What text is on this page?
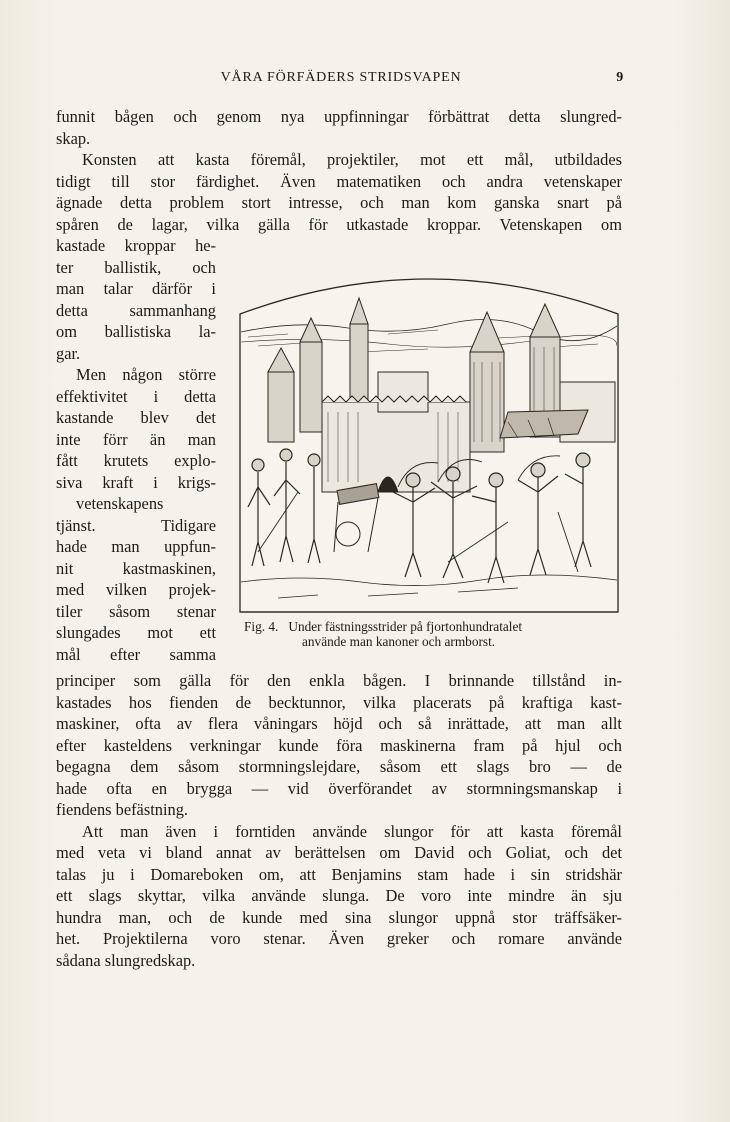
VÅRA FÖRFÄDERS STRIDSVAPEN	9
funnit bågen och genom nya uppfinningar förbättrat detta slungred-
skap.
Konsten att kasta föremål, projektiler, mot ett mål, utbildades
tidigt till stor färdighet. Även matematiken och andra vetenskaper
ägnade detta problem stort intresse, och man kom ganska snart på
spåren de lagar, vilka gälla för utkastade kroppar. Vetenskapen om
kastade kroppar he-
ter ballistik, och
man talar därför i
detta sammanhang
om ballistiska la-
gar.
Men någon större
effektivitet i detta
kastande blev det
inte förr än man
fått krutets explo-
siva kraft i krigs-
vetenskapens
tjänst. Tidigare
hade man uppfun-
nit kastmaskinen,
med vilken projek-
tiler såsom stenar
slungades mot ett
mål efter samma
Fig. 4. Under fästningsstrider på fjortonhundratalet
använde man kanoner och armborst.
principer som gälla för den enkla bågen. I brinnande tillstånd in-
kastades hos fienden de becktunnor, vilka placerats på kraftiga kast-
maskiner, ofta av flera våningars höjd och så inrättade, att man allt
efter kasteldens verkningar kunde föra maskinerna fram på hjul och
begagna dem såsom stormningslejdare, såsom ett slags bro — de
hade ofta en brygga — vid överförandet av stormningsmanskap i
fiendens befästning.
Att man även i forntiden använde slungor för att kasta föremål
med veta vi bland annat av berättelsen om David och Goliat, och det
talas ju i Domareboken om, att Benjamins stam hade i sin stridshär
ett slags skyttar, vilka använde slunga. De voro inte mindre än sju
hundra man, och de kunde med sina slungor uppnå stor träffsäker-
het. Projektilerna voro stenar. Även greker och romare använde
sådana slungredskap.
